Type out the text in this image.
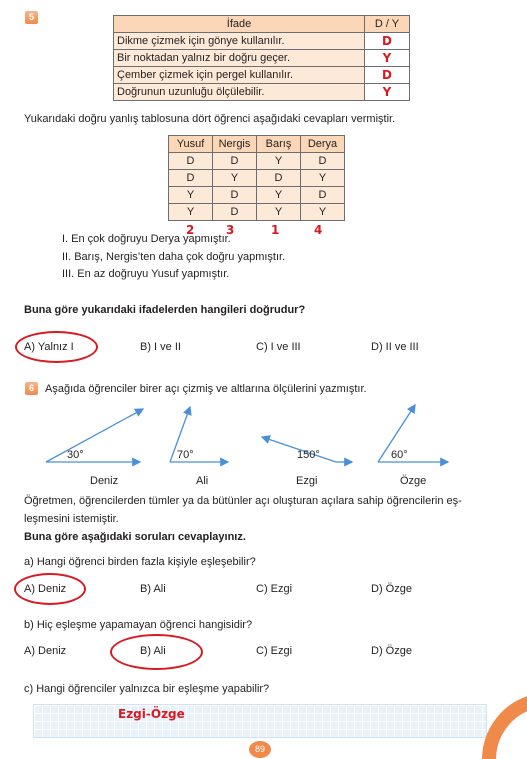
5
İfade	D / Y
Dikme çizmek için gönye kullanılır.	D
Bir noktadan yalnız bir doğru geçer.	Y
Çember çizmek için pergel kullanılır.	D
Doğrunun uzunluğu ölçülebilir.	Y
Yukarıdaki doğru yanlış tablosuna dört öğrenci aşağıdaki cevapları vermiştir.
Yusuf	Nergis	Barış	Derya
D	D	Y	D
D	Y	D	Y
Y	D	Y	D
Y	D	Y	Y
2	3	1	4
I. En çok doğruyu Derya yapmıştır.
II. Barış, Nergis’ten daha çok doğru yapmıştır.
III. En az doğruyu Yusuf yapmıştır.
Buna göre yukarıdaki ifadelerden hangileri doğrudur?
A) Yalnız I	B) I ve II	C) I ve III	D) II ve III
6	Aşağıda öğrenciler birer açı çizmiş ve altlarına ölçülerini yazmıştır.
30°	70°	150°	60°
Deniz	Ali	Ezgi	Özge
Öğretmen, öğrencilerden tümler ya da bütünler açı oluşturan açılara sahip öğrencilerin eş-
leşmesini istemiştir.
Buna göre aşağıdaki soruları cevaplayınız.
a) Hangi öğrenci birden fazla kişiyle eşleşebilir?
A) Deniz	B) Ali	C) Ezgi	D) Özge
b) Hiç eşleşme yapamayan öğrenci hangisidir?
A) Deniz	B) Ali	C) Ezgi	D) Özge
c) Hangi öğrenciler yalnızca bir eşleşme yapabilir?
Ezgi-Özge
89
